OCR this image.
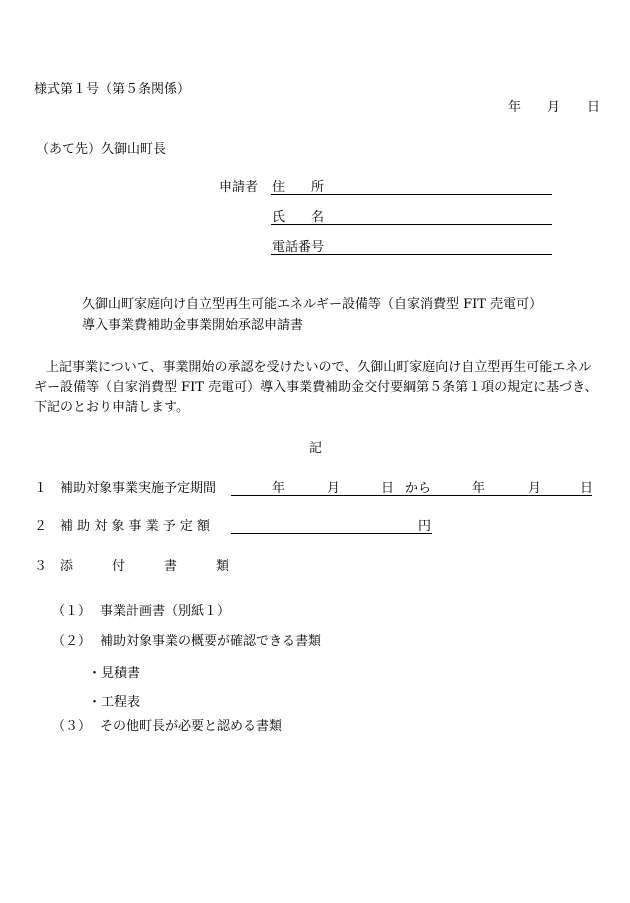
様式第１号（第５条関係）
年 月 日
（あて先）久御山町長
申請者 住　　所
氏　　名
電話番号
久御山町家庭向け自立型再生可能エネルギー設備等（自家消費型 FIT 売電可）
導入事業費補助金事業開始承認申請書
上記事業について、事業開始の承認を受けたいので、久御山町家庭向け自立型再生可能エネル
ギー設備等（自家消費型 FIT 売電可）導入事業費補助金交付要綱第５条第１項の規定に基づき、
下記のとおり申請します。
記
１ 補助対象事業実施予定期間	年	月	日 から	年	月	日
２ 補 助 対 象 事 業 予 定 額	円
３ 添　　　付　　　書　　　類
（１） 事業計画書（別紙１）
（２） 補助対象事業の概要が確認できる書類
・見積書
・工程表
（３） その他町長が必要と認める書類
